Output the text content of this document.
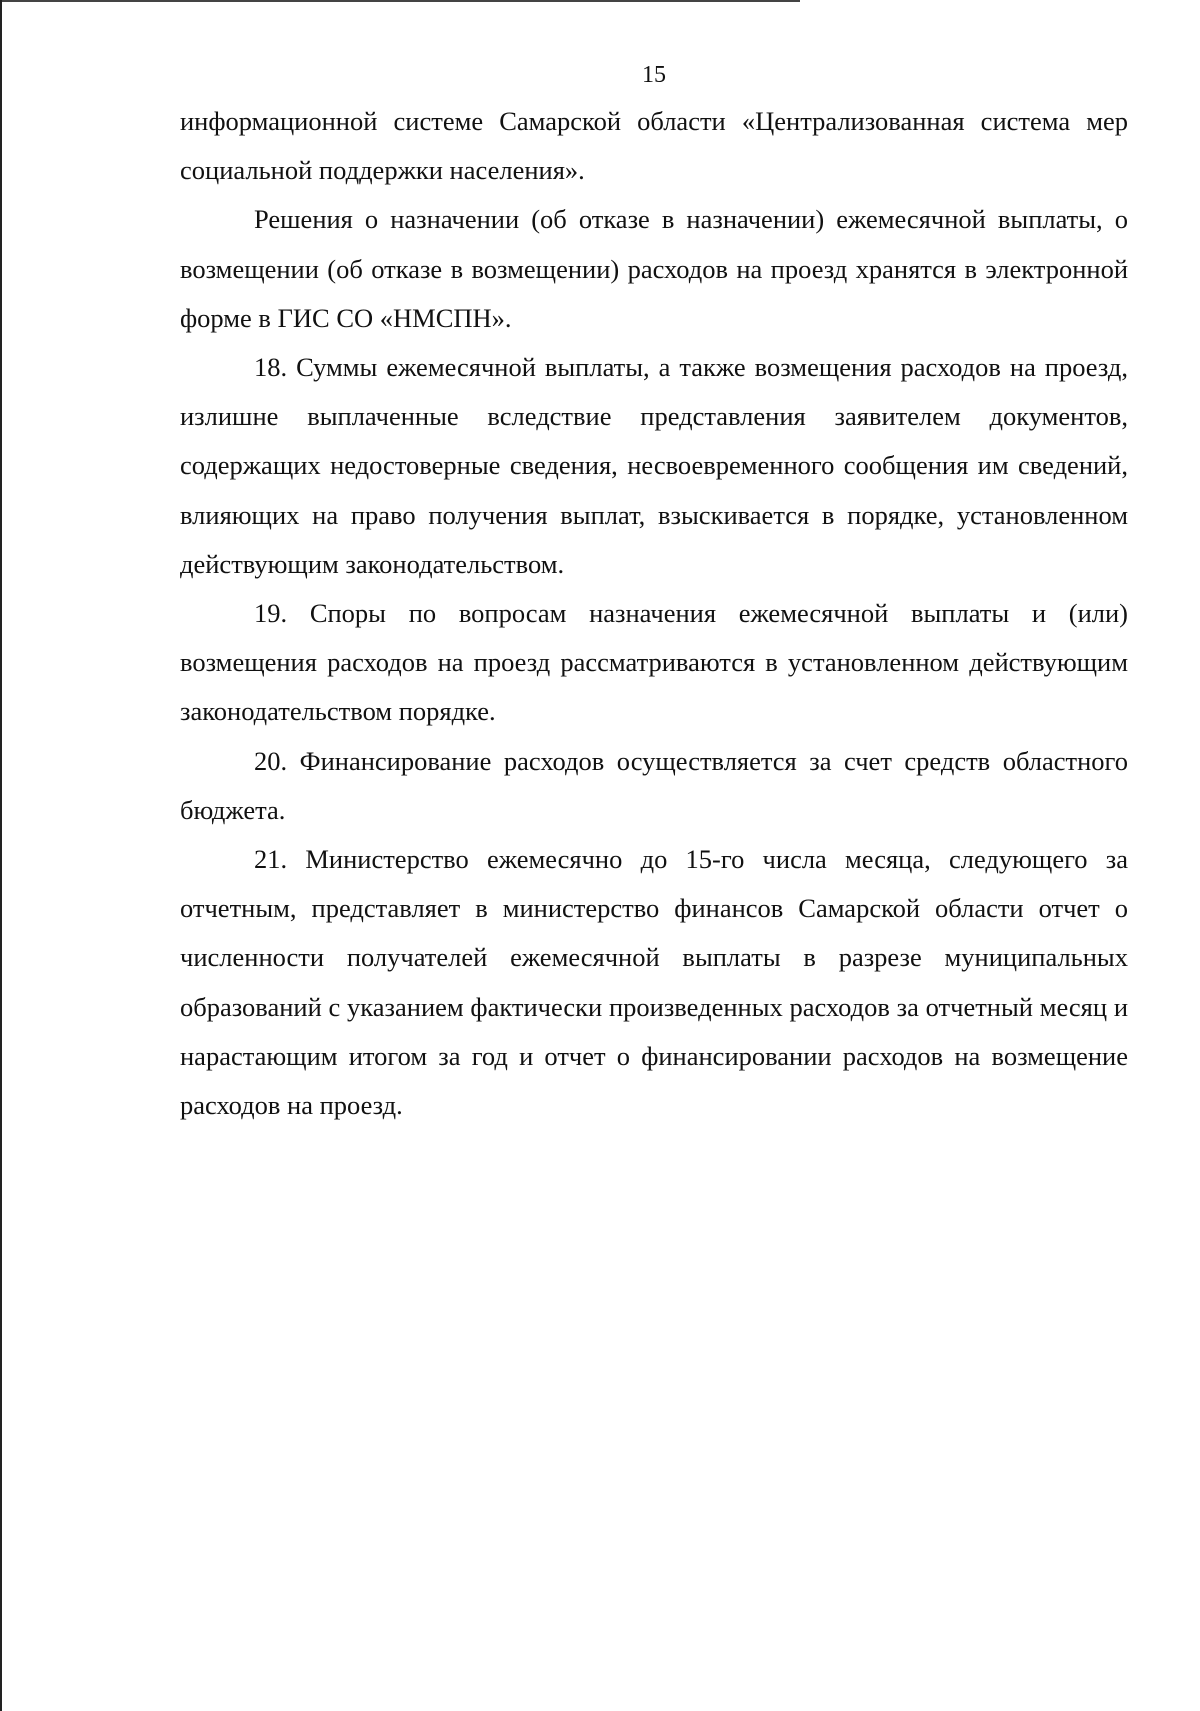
15

информационной системе Самарской области «Централизованная система мер социальной поддержки населения».

Решения о назначении (об отказе в назначении) ежемесячной выплаты, о возмещении (об отказе в возмещении) расходов на проезд хранятся в электронной форме в ГИС СО «НМСПН».

18. Суммы ежемесячной выплаты, а также возмещения расходов на проезд, излишне выплаченные вследствие представления заявителем документов, содержащих недостоверные сведения, несвоевременного сообщения им сведений, влияющих на право получения выплат, взыскивается в порядке, установленном действующим законодательством.

19. Споры по вопросам назначения ежемесячной выплаты и (или) возмещения расходов на проезд рассматриваются в установленном действующим законодательством порядке.

20. Финансирование расходов осуществляется за счет средств областного бюджета.

21. Министерство ежемесячно до 15-го числа месяца, следующего за отчетным, представляет в министерство финансов Самарской области отчет о численности получателей ежемесячной выплаты в разрезе муниципальных образований с указанием фактически произведенных расходов за отчетный месяц и нарастающим итогом за год и отчет о финансировании расходов на возмещение расходов на проезд.
